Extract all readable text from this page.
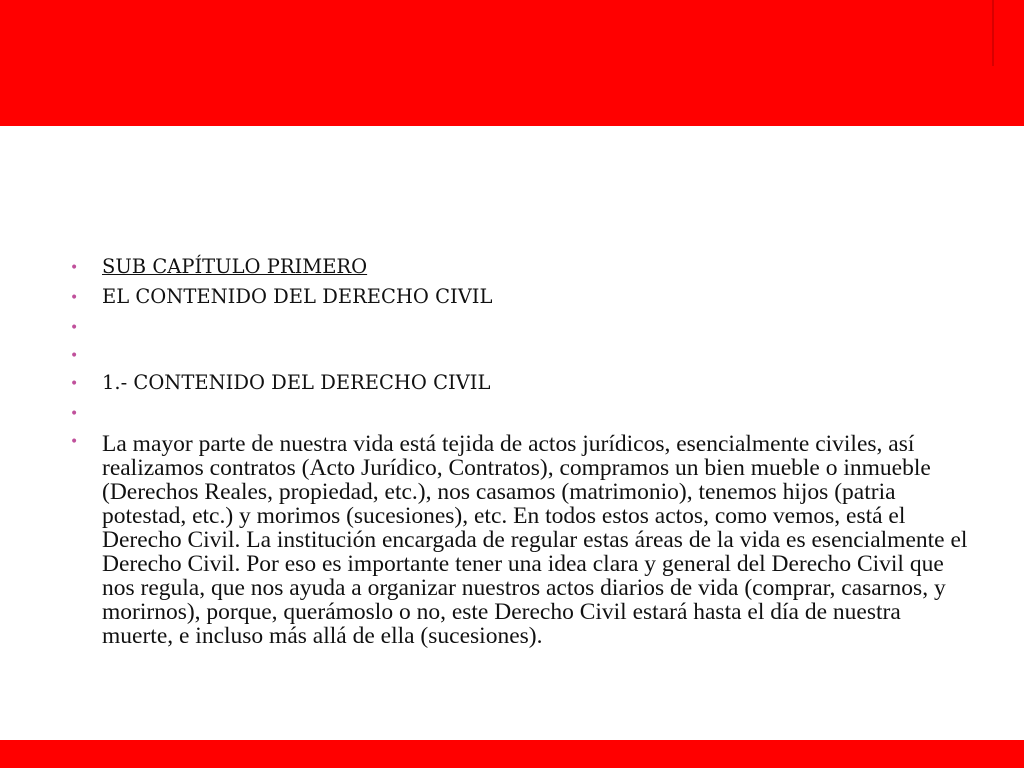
• SUB CAPÍTULO PRIMERO
• EL CONTENIDO DEL DERECHO CIVIL
•
•
• 1.- CONTENIDO DEL DERECHO CIVIL
•
• La mayor parte de nuestra vida está tejida de actos jurídicos, esencialmente civiles, así realizamos contratos (Acto Jurídico, Contratos), compramos un bien mueble o inmueble (Derechos Reales, propiedad, etc.), nos casamos (matrimonio), tenemos hijos (patria potestad, etc.) y morimos (sucesiones), etc. En todos estos actos, como vemos, está el Derecho Civil. La institución encargada de regular estas áreas de la vida es esencialmente el Derecho Civil. Por eso es importante tener una idea clara y general del Derecho Civil que nos regula, que nos ayuda a organizar nuestros actos diarios de vida (comprar, casarnos, y morirnos), porque, querámoslo o no, este Derecho Civil estará hasta el día de nuestra muerte, e incluso más allá de ella (sucesiones).
